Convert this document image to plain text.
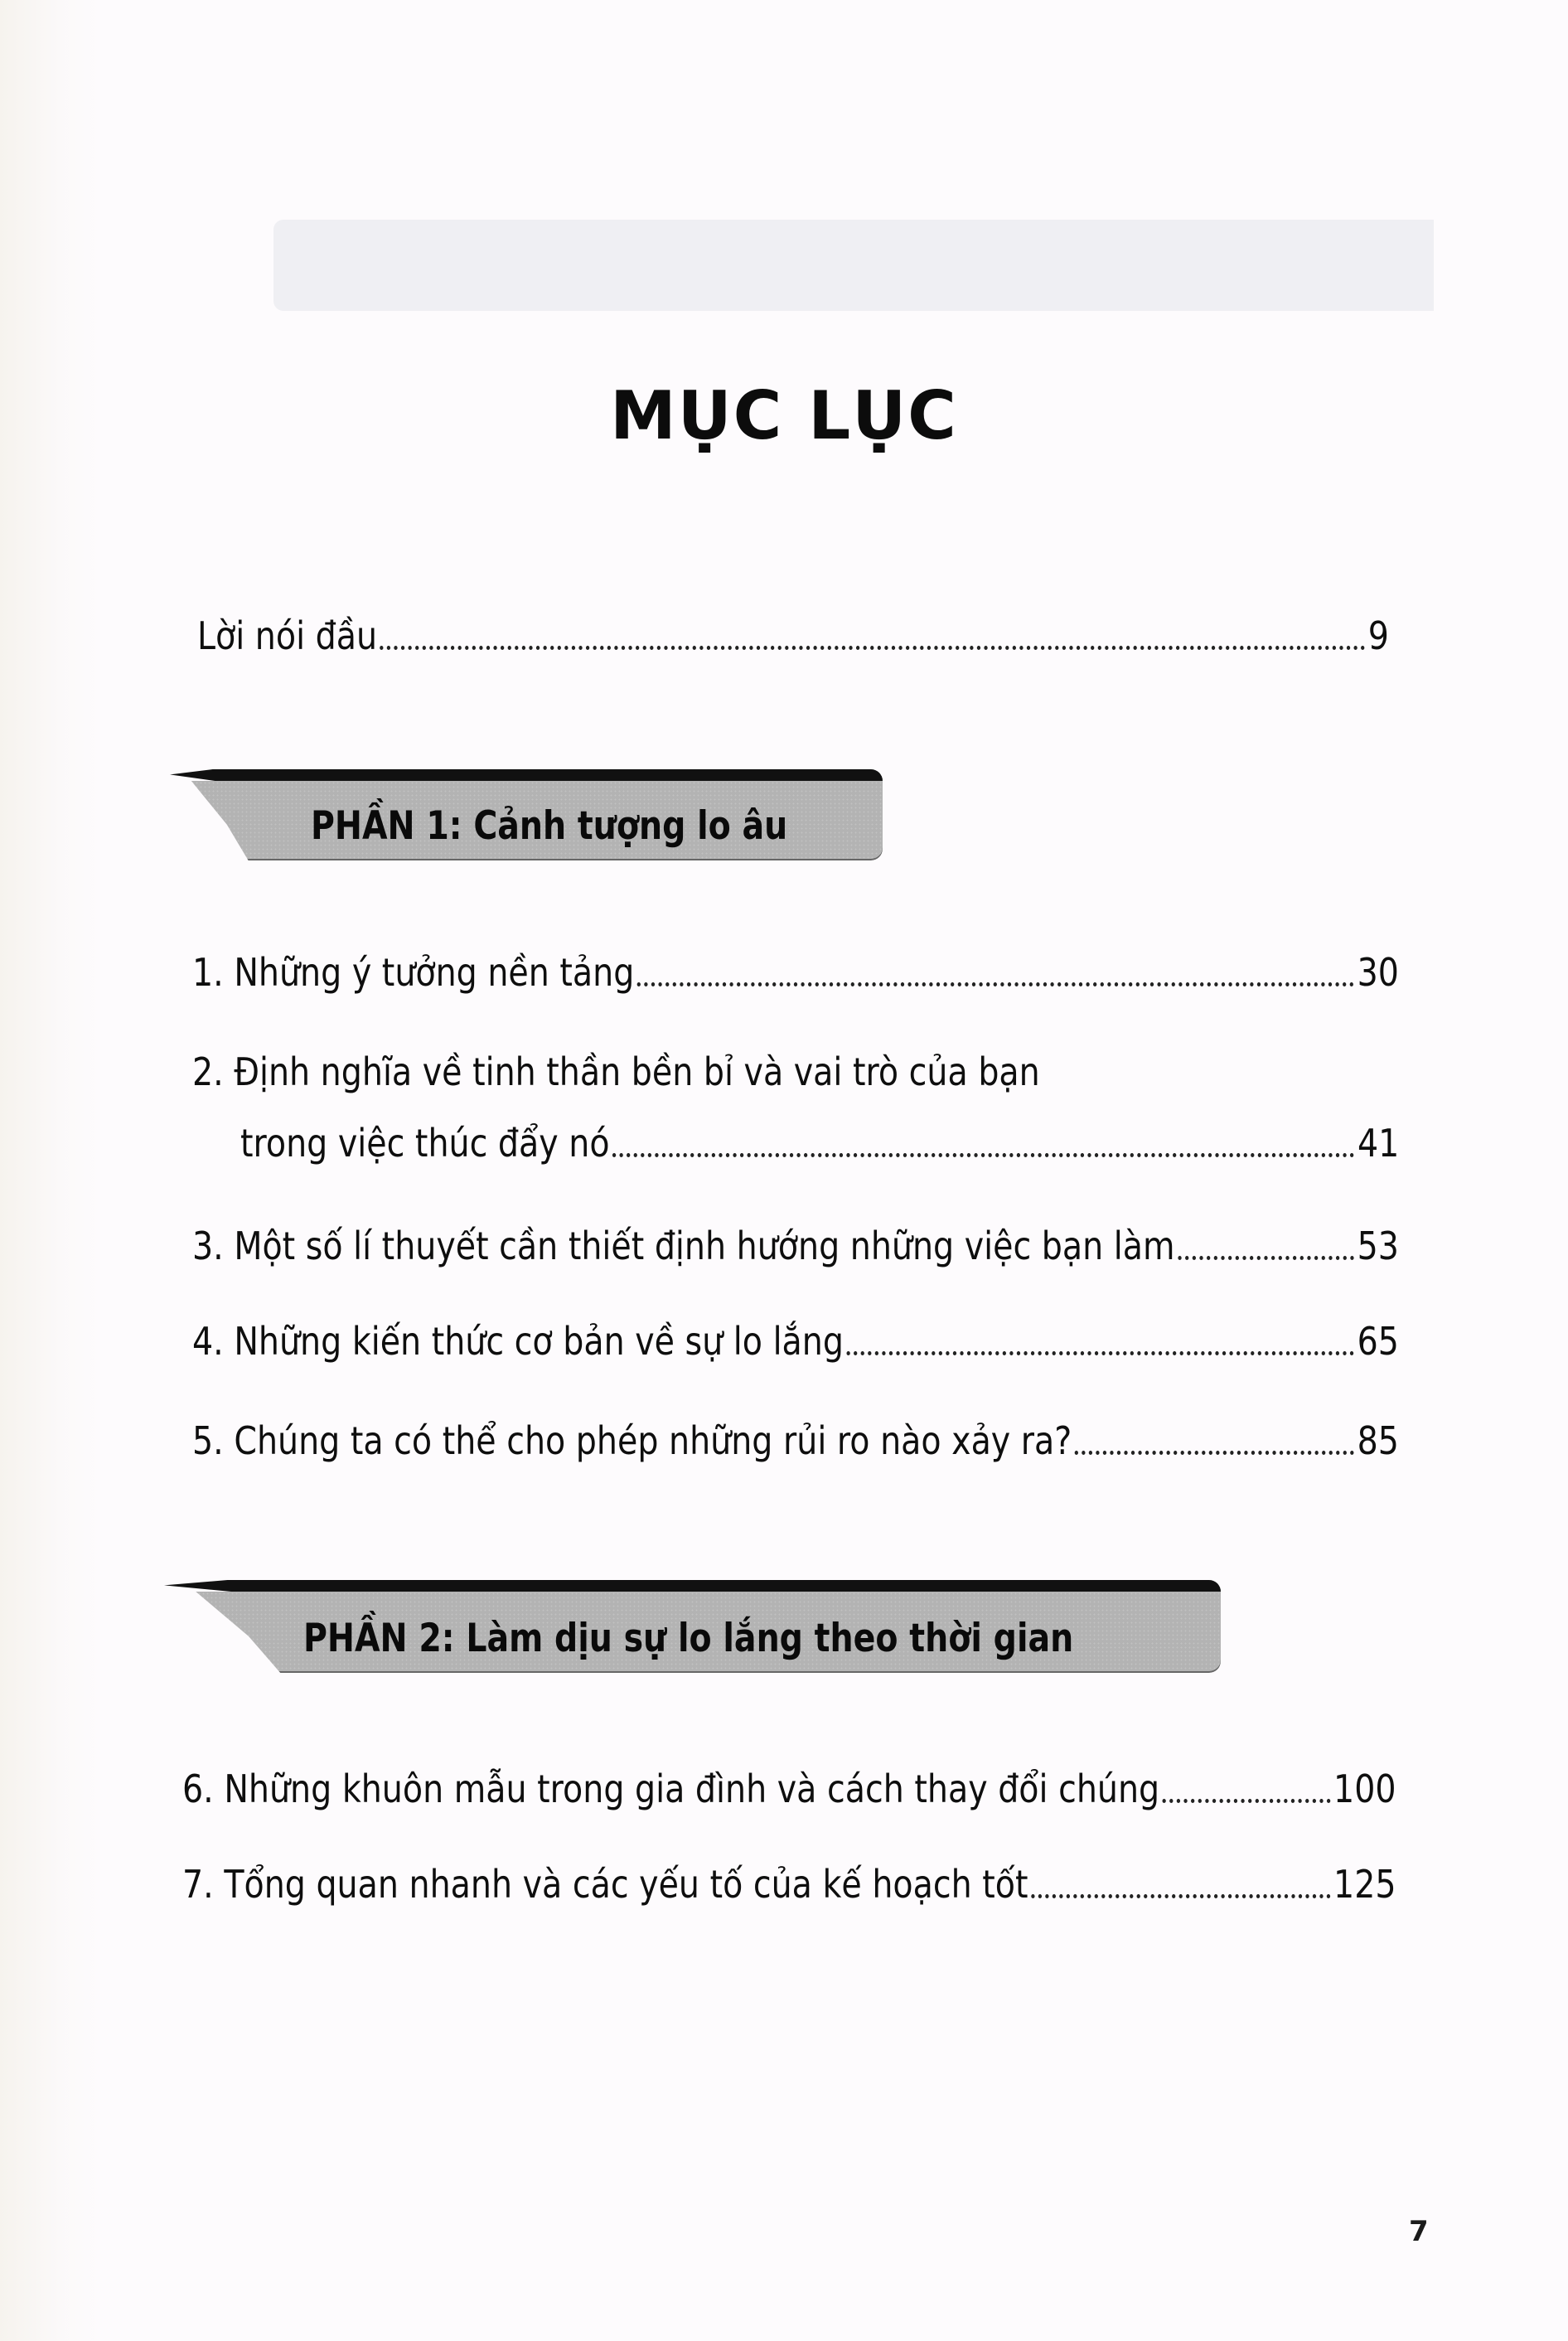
MỤC LỤC
Lời nói đầu	9
PHẦN 1: Cảnh tượng lo âu
1. Những ý tưởng nền tảng	30
2. Định nghĩa về tinh thần bền bỉ và vai trò của bạn
trong việc thúc đẩy nó	41
3. Một số lí thuyết cần thiết định hướng những việc bạn làm	53
4. Những kiến thức cơ bản về sự lo lắng	65
5. Chúng ta có thể cho phép những rủi ro nào xảy ra?	85
PHẦN 2: Làm dịu sự lo lắng theo thời gian
6. Những khuôn mẫu trong gia đình và cách thay đổi chúng	100
7. Tổng quan nhanh và các yếu tố của kế hoạch tốt	125
7
